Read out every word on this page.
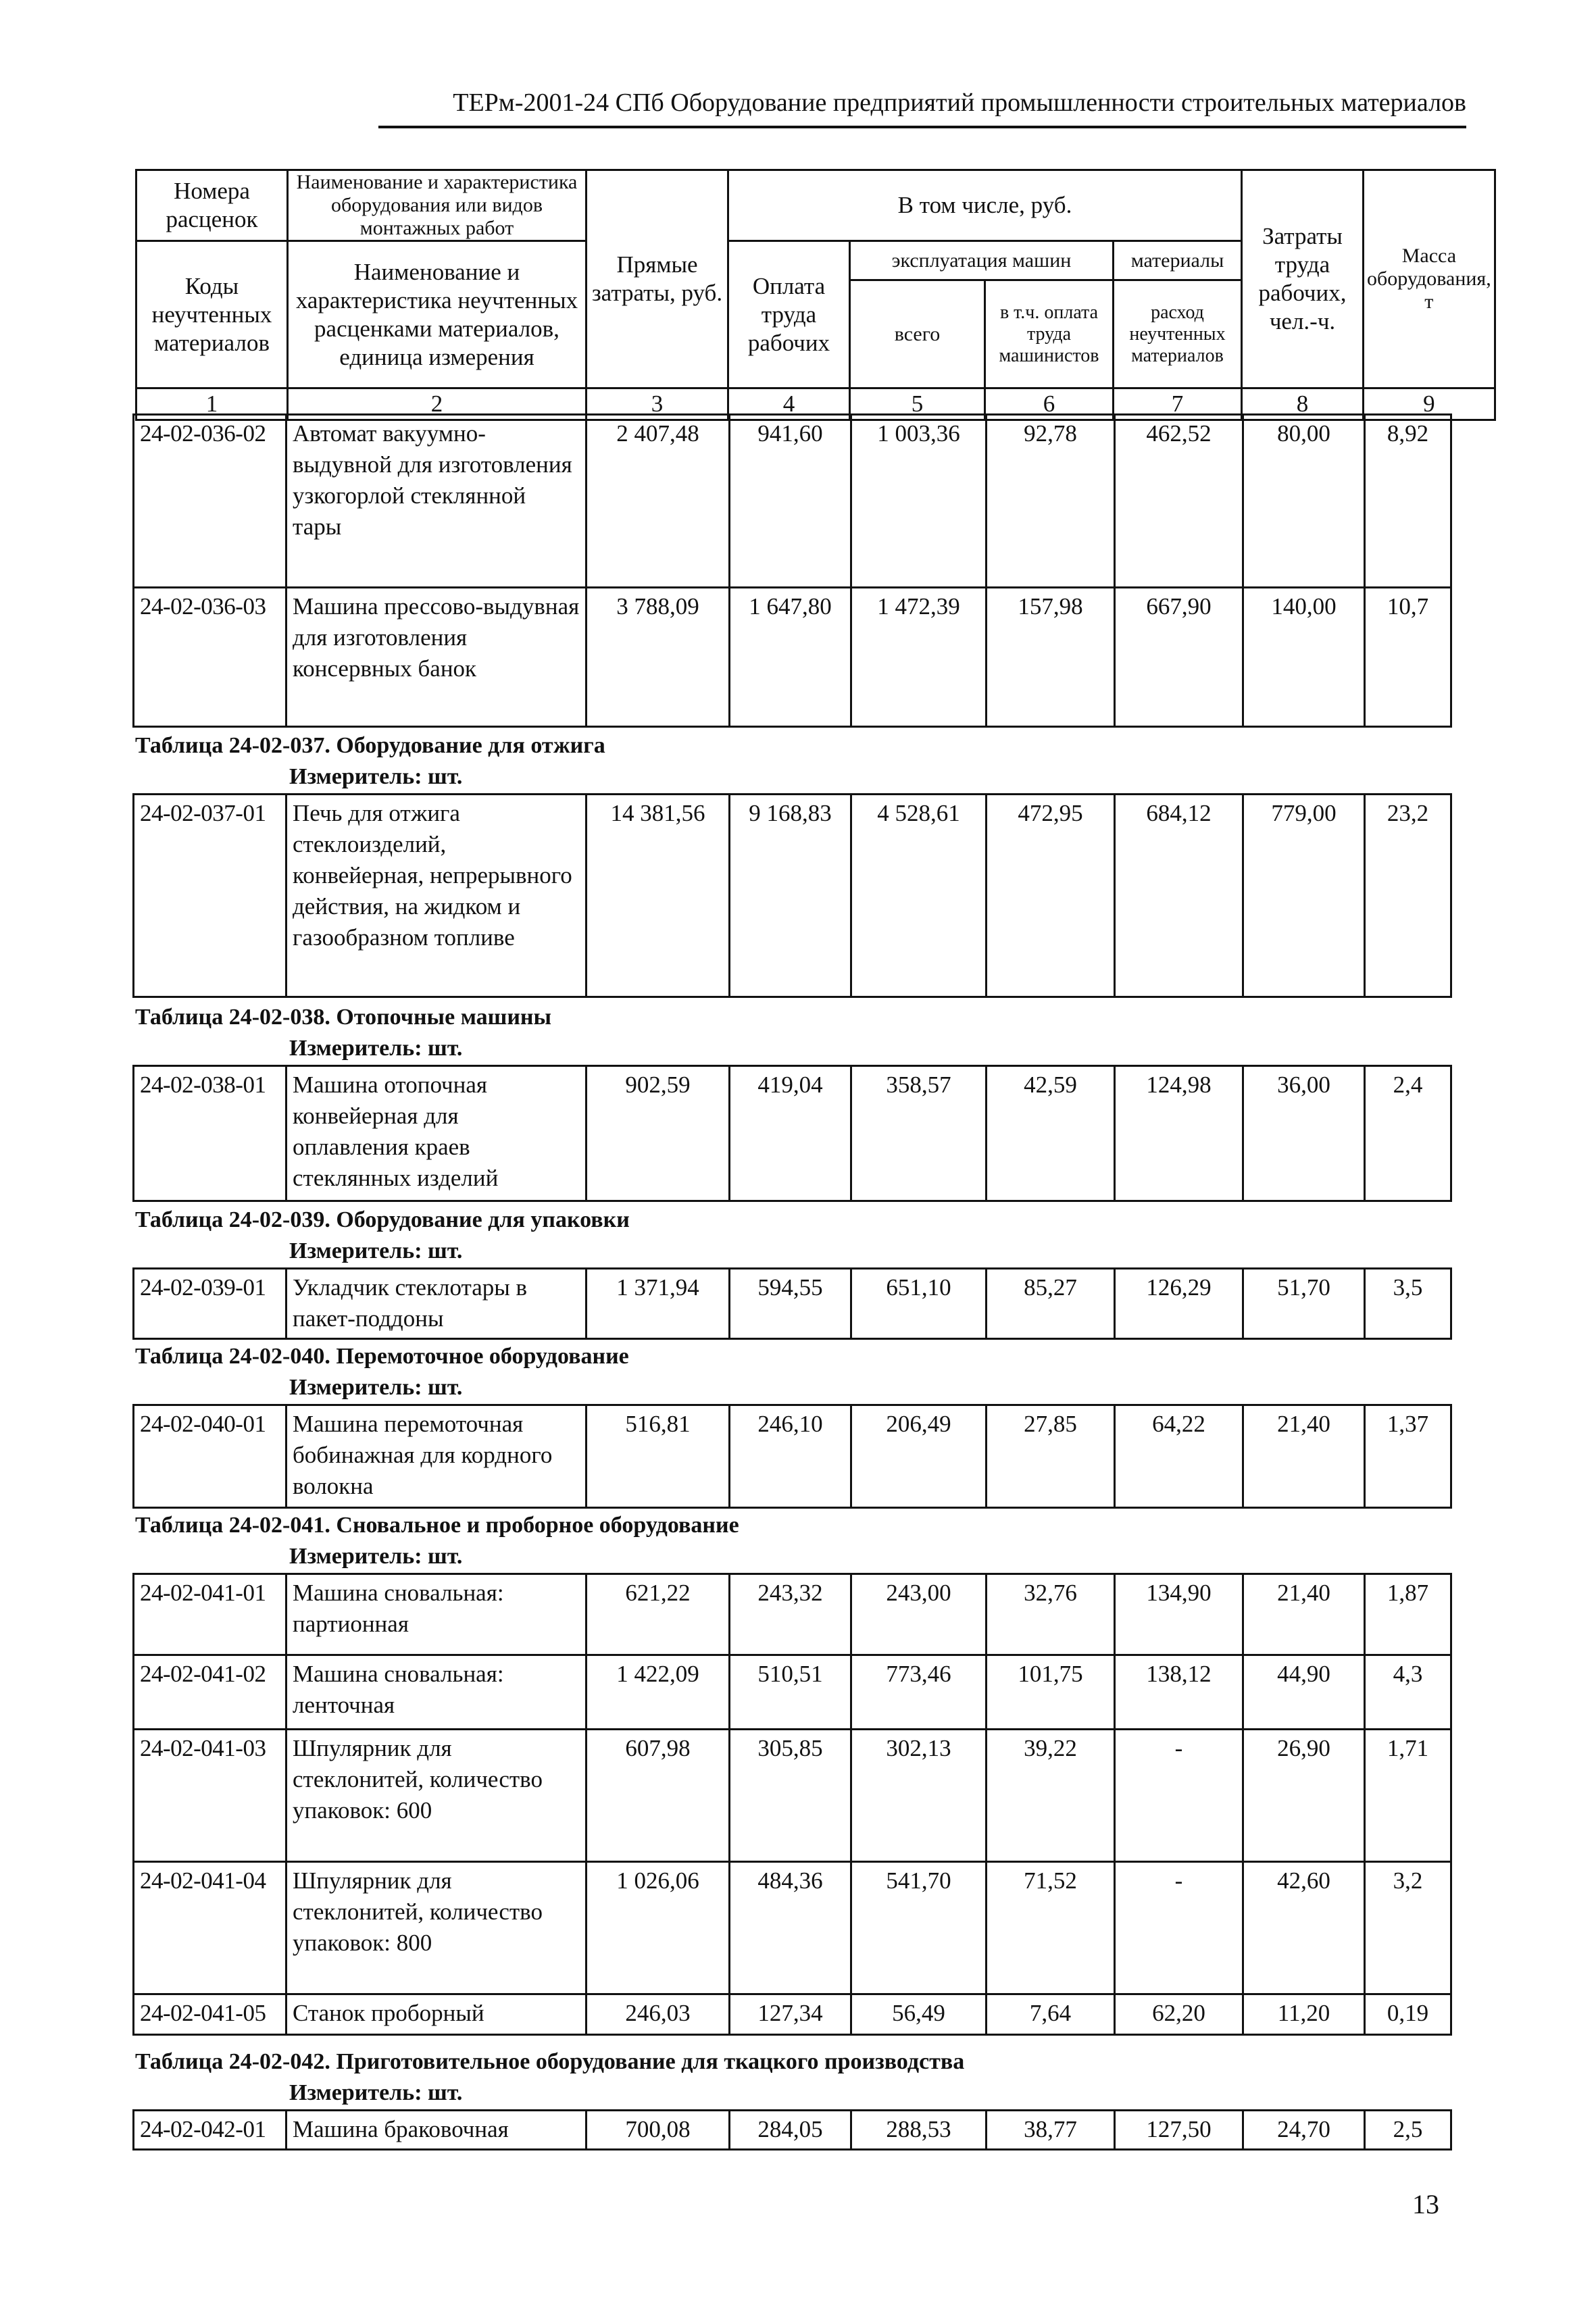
ТЕРм-2001-24 СПб Оборудование предприятий промышленности строительных материалов
Номера расценок	Наименование и характеристика оборудования или видов монтажных работ	Прямые затраты, руб.	В том числе, руб.				Затраты труда рабочих, чел.-ч.	Масса оборудования, т
Коды неучтенных материалов	Наименование и характеристика неучтенных расценками материалов, единица измерения		Оплата труда рабочих	эксплуатация машин		материалы		
				всего	в т.ч. оплата труда машинистов	расход неучтенных материалов		
1	2	3	4	5	6	7	8	9
24-02-036-02	Автомат вакуумно-выдувной для изготовления узкогорлой стеклянной тары	2 407,48	941,60	1 003,36	92,78	462,52	80,00	8,92
24-02-036-03	Машина прессово-выдувная для изготовления консервных банок	3 788,09	1 647,80	1 472,39	157,98	667,90	140,00	10,7
Таблица 24-02-037. Оборудование для отжига
Измеритель: шт.
24-02-037-01	Печь для отжига стеклоизделий, конвейерная, непрерывного действия, на жидком и газообразном топливе	14 381,56	9 168,83	4 528,61	472,95	684,12	779,00	23,2
Таблица 24-02-038. Отопочные машины
Измеритель: шт.
24-02-038-01	Машина отопочная конвейерная для оплавления краев стеклянных изделий	902,59	419,04	358,57	42,59	124,98	36,00	2,4
Таблица 24-02-039. Оборудование для упаковки
Измеритель: шт.
24-02-039-01	Укладчик стеклотары в пакет-поддоны	1 371,94	594,55	651,10	85,27	126,29	51,70	3,5
Таблица 24-02-040. Перемоточное оборудование
Измеритель: шт.
24-02-040-01	Машина перемоточная бобинажная для кордного волокна	516,81	246,10	206,49	27,85	64,22	21,40	1,37
Таблица 24-02-041. Сновальное и проборное оборудование
Измеритель: шт.
24-02-041-01	Машина сновальная: партионная	621,22	243,32	243,00	32,76	134,90	21,40	1,87
24-02-041-02	Машина сновальная: ленточная	1 422,09	510,51	773,46	101,75	138,12	44,90	4,3
24-02-041-03	Шпулярник для стеклонитей, количество упаковок: 600	607,98	305,85	302,13	39,22	-	26,90	1,71
24-02-041-04	Шпулярник для стеклонитей, количество упаковок: 800	1 026,06	484,36	541,70	71,52	-	42,60	3,2
24-02-041-05	Станок проборный	246,03	127,34	56,49	7,64	62,20	11,20	0,19
Таблица 24-02-042. Приготовительное оборудование для ткацкого производства
Измеритель: шт.
24-02-042-01	Машина браковочная	700,08	284,05	288,53	38,77	127,50	24,70	2,5
13
